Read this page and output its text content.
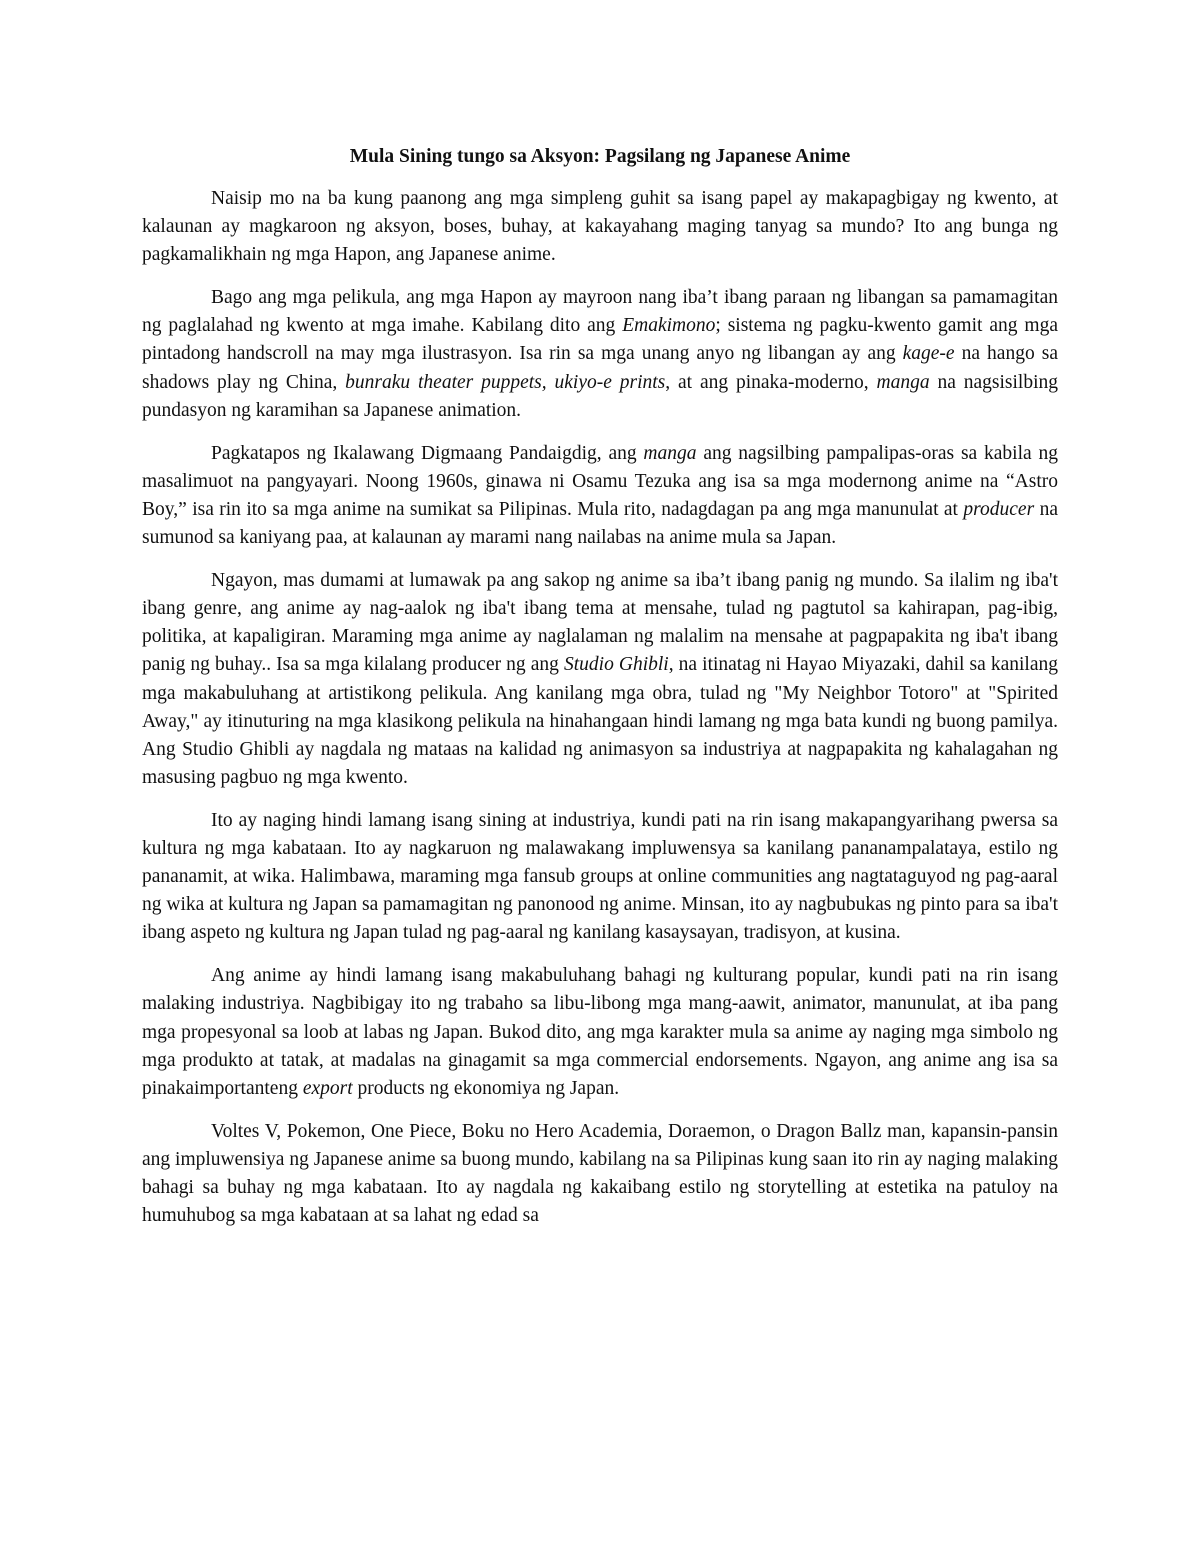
Mula Sining tungo sa Aksyon: Pagsilang ng Japanese Anime

Naisip mo na ba kung paanong ang mga simpleng guhit sa isang papel ay makapagbigay ng kwento, at kalaunan ay magkaroon ng aksyon, boses, buhay, at kakayahang maging tanyag sa mundo? Ito ang bunga ng pagkamalikhain ng mga Hapon, ang Japanese anime.

Bago ang mga pelikula, ang mga Hapon ay mayroon nang iba’t ibang paraan ng libangan sa pamamagitan ng paglalahad ng kwento at mga imahe. Kabilang dito ang Emakimono; sistema ng pagku-kwento gamit ang mga pintadong handscroll na may mga ilustrasyon. Isa rin sa mga unang anyo ng libangan ay ang kage-e na hango sa shadows play ng China, bunraku theater puppets, ukiyo-e prints, at ang pinaka-moderno, manga na nagsisilbing pundasyon ng karamihan sa Japanese animation.

Pagkatapos ng Ikalawang Digmaang Pandaigdig, ang manga ang nagsilbing pampalipas-oras sa kabila ng masalimuot na pangyayari. Noong 1960s, ginawa ni Osamu Tezuka ang isa sa mga modernong anime na “Astro Boy,” isa rin ito sa mga anime na sumikat sa Pilipinas. Mula rito, nadagdagan pa ang mga manunulat at producer na sumunod sa kaniyang paa, at kalaunan ay marami nang nailabas na anime mula sa Japan.

Ngayon, mas dumami at lumawak pa ang sakop ng anime sa iba’t ibang panig ng mundo. Sa ilalim ng iba't ibang genre, ang anime ay nag-aalok ng iba't ibang tema at mensahe, tulad ng pagtutol sa kahirapan, pag-ibig, politika, at kapaligiran. Maraming mga anime ay naglalaman ng malalim na mensahe at pagpapakita ng iba't ibang panig ng buhay.. Isa sa mga kilalang producer ng ang Studio Ghibli, na itinatag ni Hayao Miyazaki, dahil sa kanilang mga makabuluhang at artistikong pelikula. Ang kanilang mga obra, tulad ng "My Neighbor Totoro" at "Spirited Away," ay itinuturing na mga klasikong pelikula na hinahangaan hindi lamang ng mga bata kundi ng buong pamilya. Ang Studio Ghibli ay nagdala ng mataas na kalidad ng animasyon sa industriya at nagpapakita ng kahalagahan ng masusing pagbuo ng mga kwento.

Ito ay naging hindi lamang isang sining at industriya, kundi pati na rin isang makapangyarihang pwersa sa kultura ng mga kabataan. Ito ay nagkaruon ng malawakang impluwensya sa kanilang pananampalataya, estilo ng pananamit, at wika. Halimbawa, maraming mga fansub groups at online communities ang nagtataguyod ng pag-aaral ng wika at kultura ng Japan sa pamamagitan ng panonood ng anime. Minsan, ito ay nagbubukas ng pinto para sa iba't ibang aspeto ng kultura ng Japan tulad ng pag-aaral ng kanilang kasaysayan, tradisyon, at kusina.

Ang anime ay hindi lamang isang makabuluhang bahagi ng kulturang popular, kundi pati na rin isang malaking industriya. Nagbibigay ito ng trabaho sa libu-libong mga mang-aawit, animator, manunulat, at iba pang mga propesyonal sa loob at labas ng Japan. Bukod dito, ang mga karakter mula sa anime ay naging mga simbolo ng mga produkto at tatak, at madalas na ginagamit sa mga commercial endorsements. Ngayon, ang anime ang isa sa pinakaimportanteng export products ng ekonomiya ng Japan.

Voltes V, Pokemon, One Piece, Boku no Hero Academia, Doraemon, o Dragon Ballz man, kapansin-pansin ang impluwensiya ng Japanese anime sa buong mundo, kabilang na sa Pilipinas kung saan ito rin ay naging malaking bahagi sa buhay ng mga kabataan. Ito ay nagdala ng kakaibang estilo ng storytelling at estetika na patuloy na humuhubog sa mga kabataan at sa lahat ng edad sa
